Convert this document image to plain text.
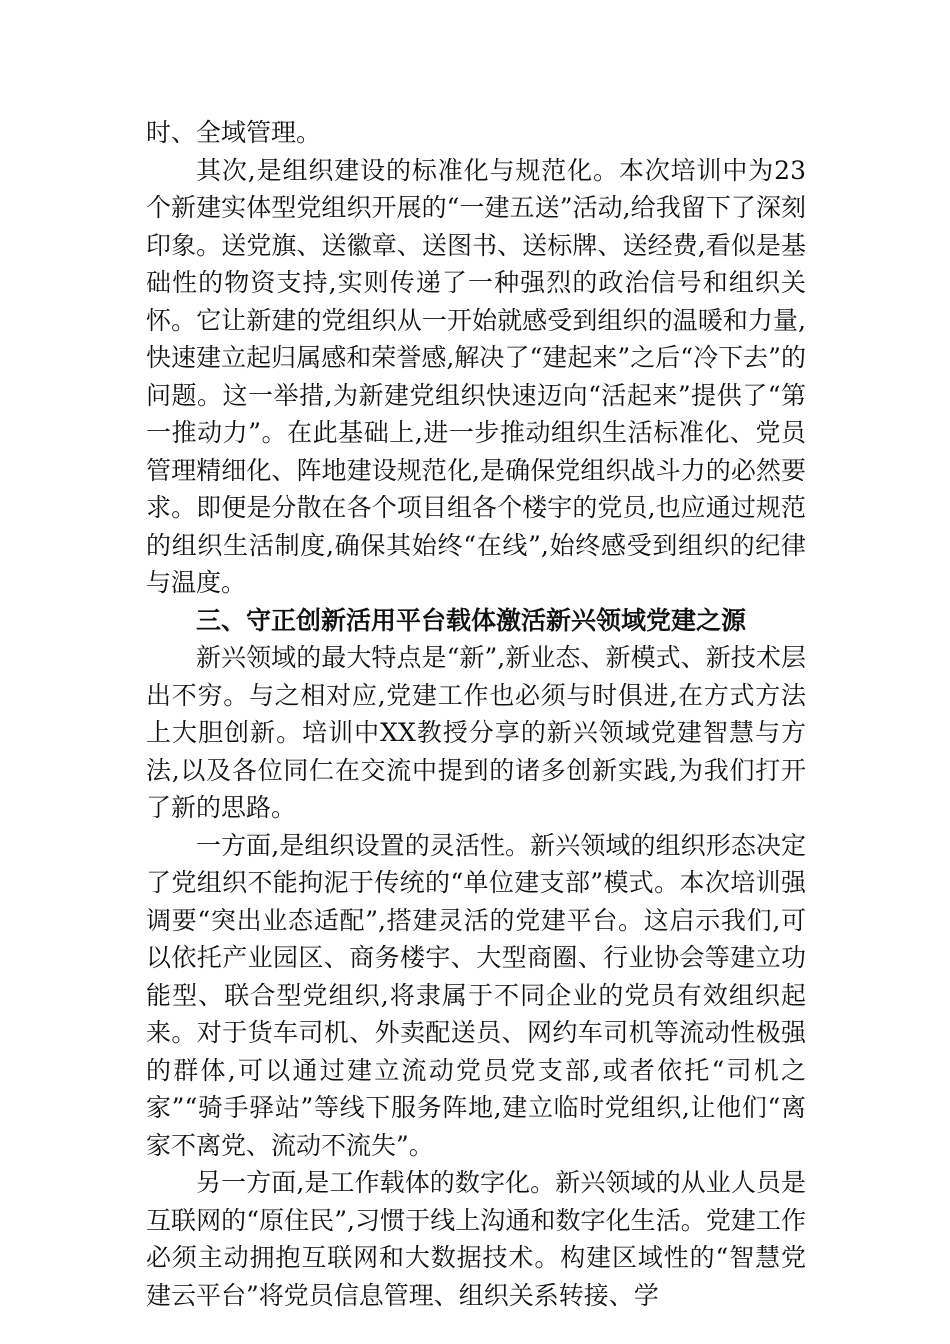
时、全域管理。

其次,是组织建设的标准化与规范化。本次培训中为23个新建实体型党组织开展的“一建五送”活动,给我留下了深刻印象。送党旗、送徽章、送图书、送标牌、送经费,看似是基础性的物资支持,实则传递了一种强烈的政治信号和组织关怀。它让新建的党组织从一开始就感受到组织的温暖和力量,快速建立起归属感和荣誉感,解决了“建起来”之后“冷下去”的问题。这一举措,为新建党组织快速迈向“活起来”提供了“第一推动力”。在此基础上,进一步推动组织生活标准化、党员管理精细化、阵地建设规范化,是确保党组织战斗力的必然要求。即便是分散在各个项目组各个楼宇的党员,也应通过规范的组织生活制度,确保其始终“在线”,始终感受到组织的纪律与温度。

三、守正创新活用平台载体激活新兴领域党建之源

新兴领域的最大特点是“新”,新业态、新模式、新技术层出不穷。与之相对应,党建工作也必须与时俱进,在方式方法上大胆创新。培训中XX教授分享的新兴领域党建智慧与方法,以及各位同仁在交流中提到的诸多创新实践,为我们打开了新的思路。

一方面,是组织设置的灵活性。新兴领域的组织形态决定了党组织不能拘泥于传统的“单位建支部”模式。本次培训强调要“突出业态适配”,搭建灵活的党建平台。这启示我们,可以依托产业园区、商务楼宇、大型商圈、行业协会等建立功能型、联合型党组织,将隶属于不同企业的党员有效组织起来。对于货车司机、外卖配送员、网约车司机等流动性极强的群体,可以通过建立流动党员党支部,或者依托“司机之家”“骑手驿站”等线下服务阵地,建立临时党组织,让他们“离家不离党、流动不流失”。

另一方面,是工作载体的数字化。新兴领域的从业人员是互联网的“原住民”,习惯于线上沟通和数字化生活。党建工作必须主动拥抱互联网和大数据技术。构建区域性的“智慧党建云平台”将党员信息管理、组织关系转接、学
